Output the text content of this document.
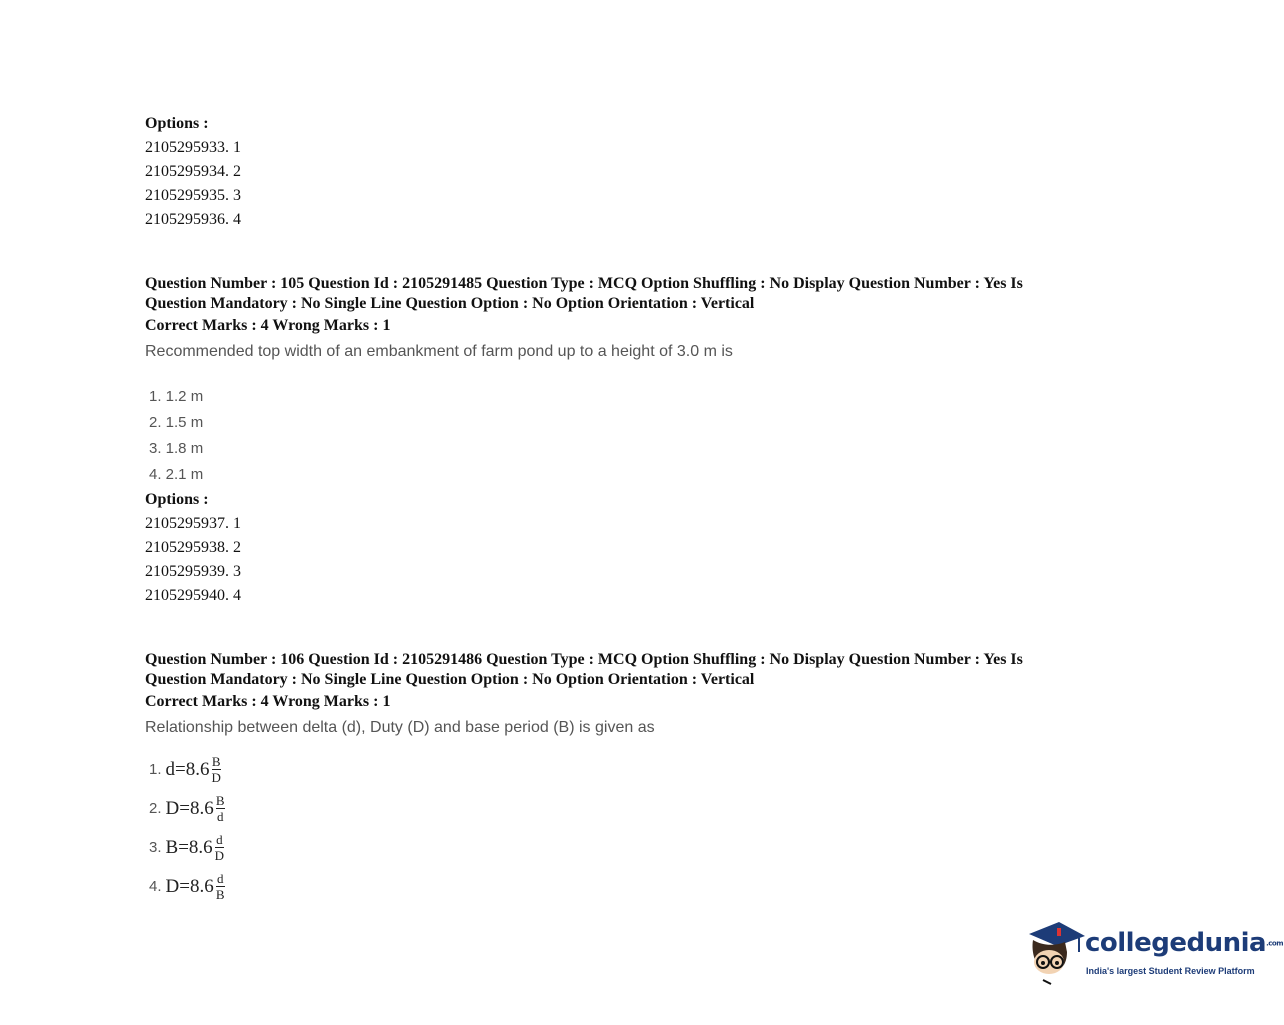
Options :
2105295933. 1
2105295934. 2
2105295935. 3
2105295936. 4
Question Number : 105 Question Id : 2105291485 Question Type : MCQ Option Shuffling : No Display Question Number : Yes Is
Question Mandatory : No Single Line Question Option : No Option Orientation : Vertical
Correct Marks : 4 Wrong Marks : 1
Recommended top width of an embankment of farm pond up to a height of 3.0 m is
1. 1.2 m
2. 1.5 m
3. 1.8 m
4. 2.1 m
Options :
2105295937. 1
2105295938. 2
2105295939. 3
2105295940. 4
Question Number : 106 Question Id : 2105291486 Question Type : MCQ Option Shuffling : No Display Question Number : Yes Is
Question Mandatory : No Single Line Question Option : No Option Orientation : Vertical
Correct Marks : 4 Wrong Marks : 1
Relationship between delta (d), Duty (D) and base period (B) is given as
1. $d=8.6 \frac{B}{D}$
2. $D=8.6 \frac{B}{d}$
3. $B=8.6 \frac{d}{D}$
4. $D=8.6 \frac{d}{B}$
collegedunia.com
India's largest Student Review Platform
